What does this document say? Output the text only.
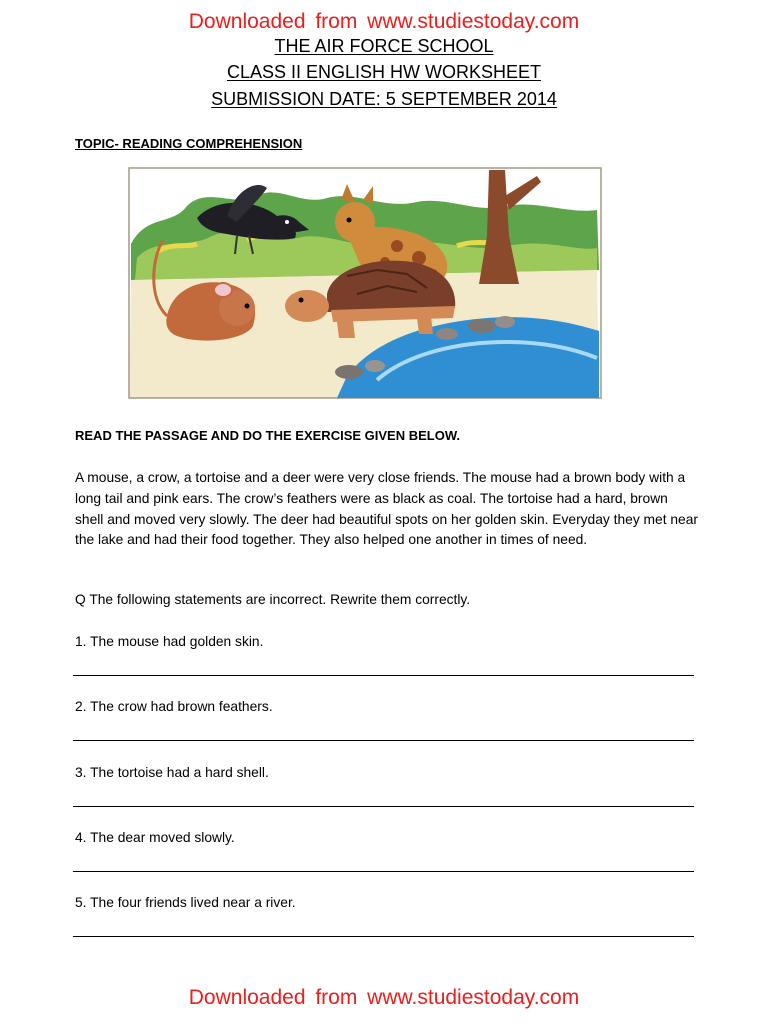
Downloaded from www.studiestoday.com
THE AIR FORCE SCHOOL
CLASS II ENGLISH HW WORKSHEET
SUBMISSION DATE: 5 SEPTEMBER 2014
TOPIC- READING COMPREHENSION
READ THE PASSAGE AND DO THE EXERCISE GIVEN BELOW.
A mouse, a crow, a tortoise and a deer were very close friends. The mouse had a brown body with a long tail and pink ears. The crow’s feathers were as black as coal. The tortoise had a hard, brown shell and moved very slowly. The deer had beautiful spots on her golden skin. Everyday they met near the lake and had their food together. They also helped one another in times of need.
Q The following statements are incorrect. Rewrite them correctly.
1. The mouse had golden skin.
2. The crow had brown feathers.
3. The tortoise had a hard shell.
4. The dear moved slowly.
5. The four friends lived near a river.
Downloaded from www.studiestoday.com
